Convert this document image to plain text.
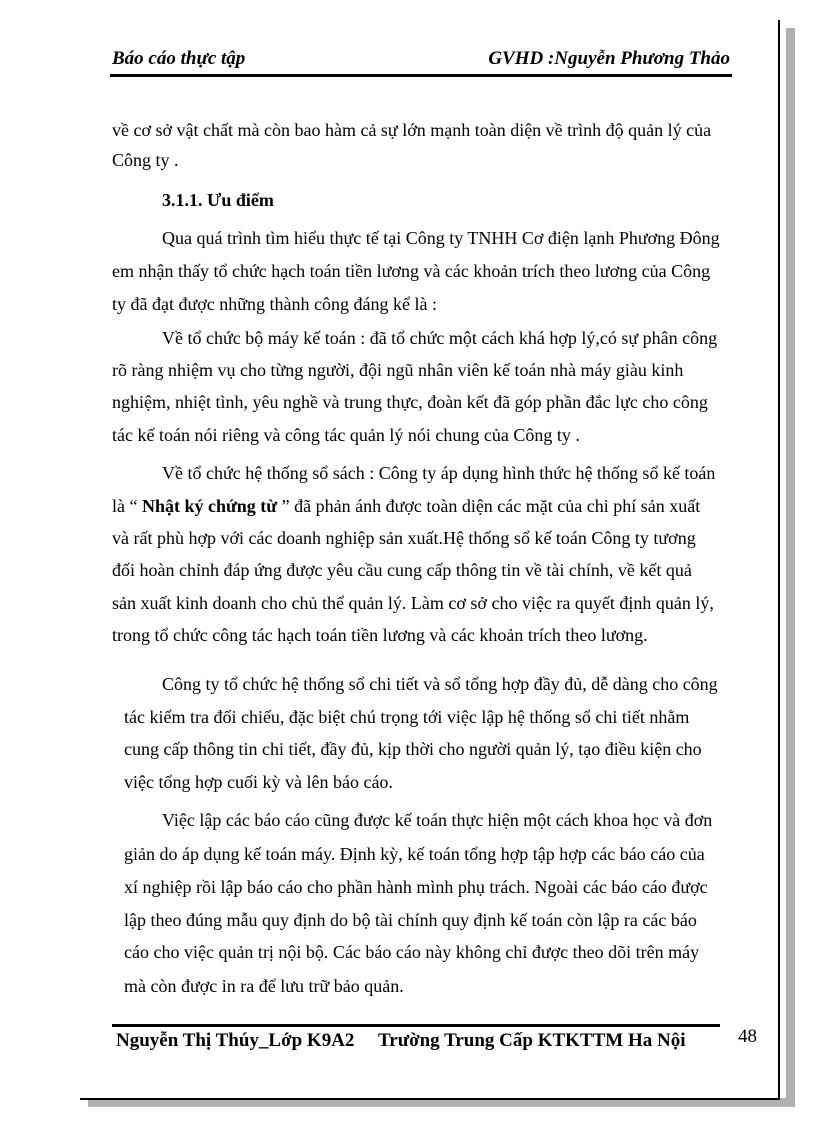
Báo cáo thực tập	GVHD :Nguyễn Phương Thảo
về cơ sở vật chất mà còn bao hàm cả sự lớn mạnh toàn diện về trình độ quản lý của
Công ty .
3.1.1. Ưu điểm
Qua quá trình tìm hiểu thực tế tại Công ty TNHH Cơ điện lạnh Phương Đông
em nhận thấy tổ chức hạch toán tiền lương và các khoản trích theo lương của Công
ty đã đạt được những thành công đáng kể là :
Về tổ chức bộ máy kế toán : đã tổ chức một cách khá hợp lý,có sự phân công
rõ ràng nhiệm vụ cho từng người, đội ngũ nhân viên kế toán nhà máy giàu kinh
nghiệm, nhiệt tình, yêu nghề và trung thực, đoàn kết đã góp phần đắc lực cho công
tác kế toán nói riêng và công tác quản lý nói chung của Công ty .
Về tổ chức hệ thống sổ sách : Công ty áp dụng hình thức hệ thống sổ kế toán
là “ Nhật ký chứng từ ” đã phản ánh được toàn diện các mặt của chi phí sản xuất
và rất phù hợp với các doanh nghiệp sản xuất.Hệ thống sổ kế toán Công ty tương
đối hoàn chỉnh đáp ứng được yêu cầu cung cấp thông tin về tài chính, về kết quả
sản xuất kinh doanh cho chủ thể quản lý. Làm cơ sở cho việc ra quyết định quản lý,
trong tổ chức công tác hạch toán tiền lương và các khoản trích theo lương.
Công ty tổ chức hệ thống sổ chi tiết và sổ tổng hợp đầy đủ, dễ dàng cho công
tác kiểm tra đối chiếu, đặc biệt chú trọng tới việc lập hệ thống sổ chi tiết nhằm
cung cấp thông tin chi tiết, đầy đủ, kịp thời cho người quản lý, tạo điều kiện cho
việc tổng hợp cuối kỳ và lên báo cáo.
Việc lập các báo cáo cũng được kế toán thực hiện một cách khoa học và đơn
giản do áp dụng kế toán máy. Định kỳ, kế toán tổng hợp tập hợp các báo cáo của
xí nghiệp rồi lập báo cáo cho phần hành mình phụ trách. Ngoài các báo cáo được
lập theo đúng mẫu quy định do bộ tài chính quy định kế toán còn lập ra các báo
cáo cho việc quản trị nội bộ. Các báo cáo này không chỉ được theo dõi trên máy
mà còn được in ra để lưu trữ bảo quản.
Nguyễn Thị Thúy_Lớp K9A2 Trường Trung Cấp KTKTTM Ha Nội	48
